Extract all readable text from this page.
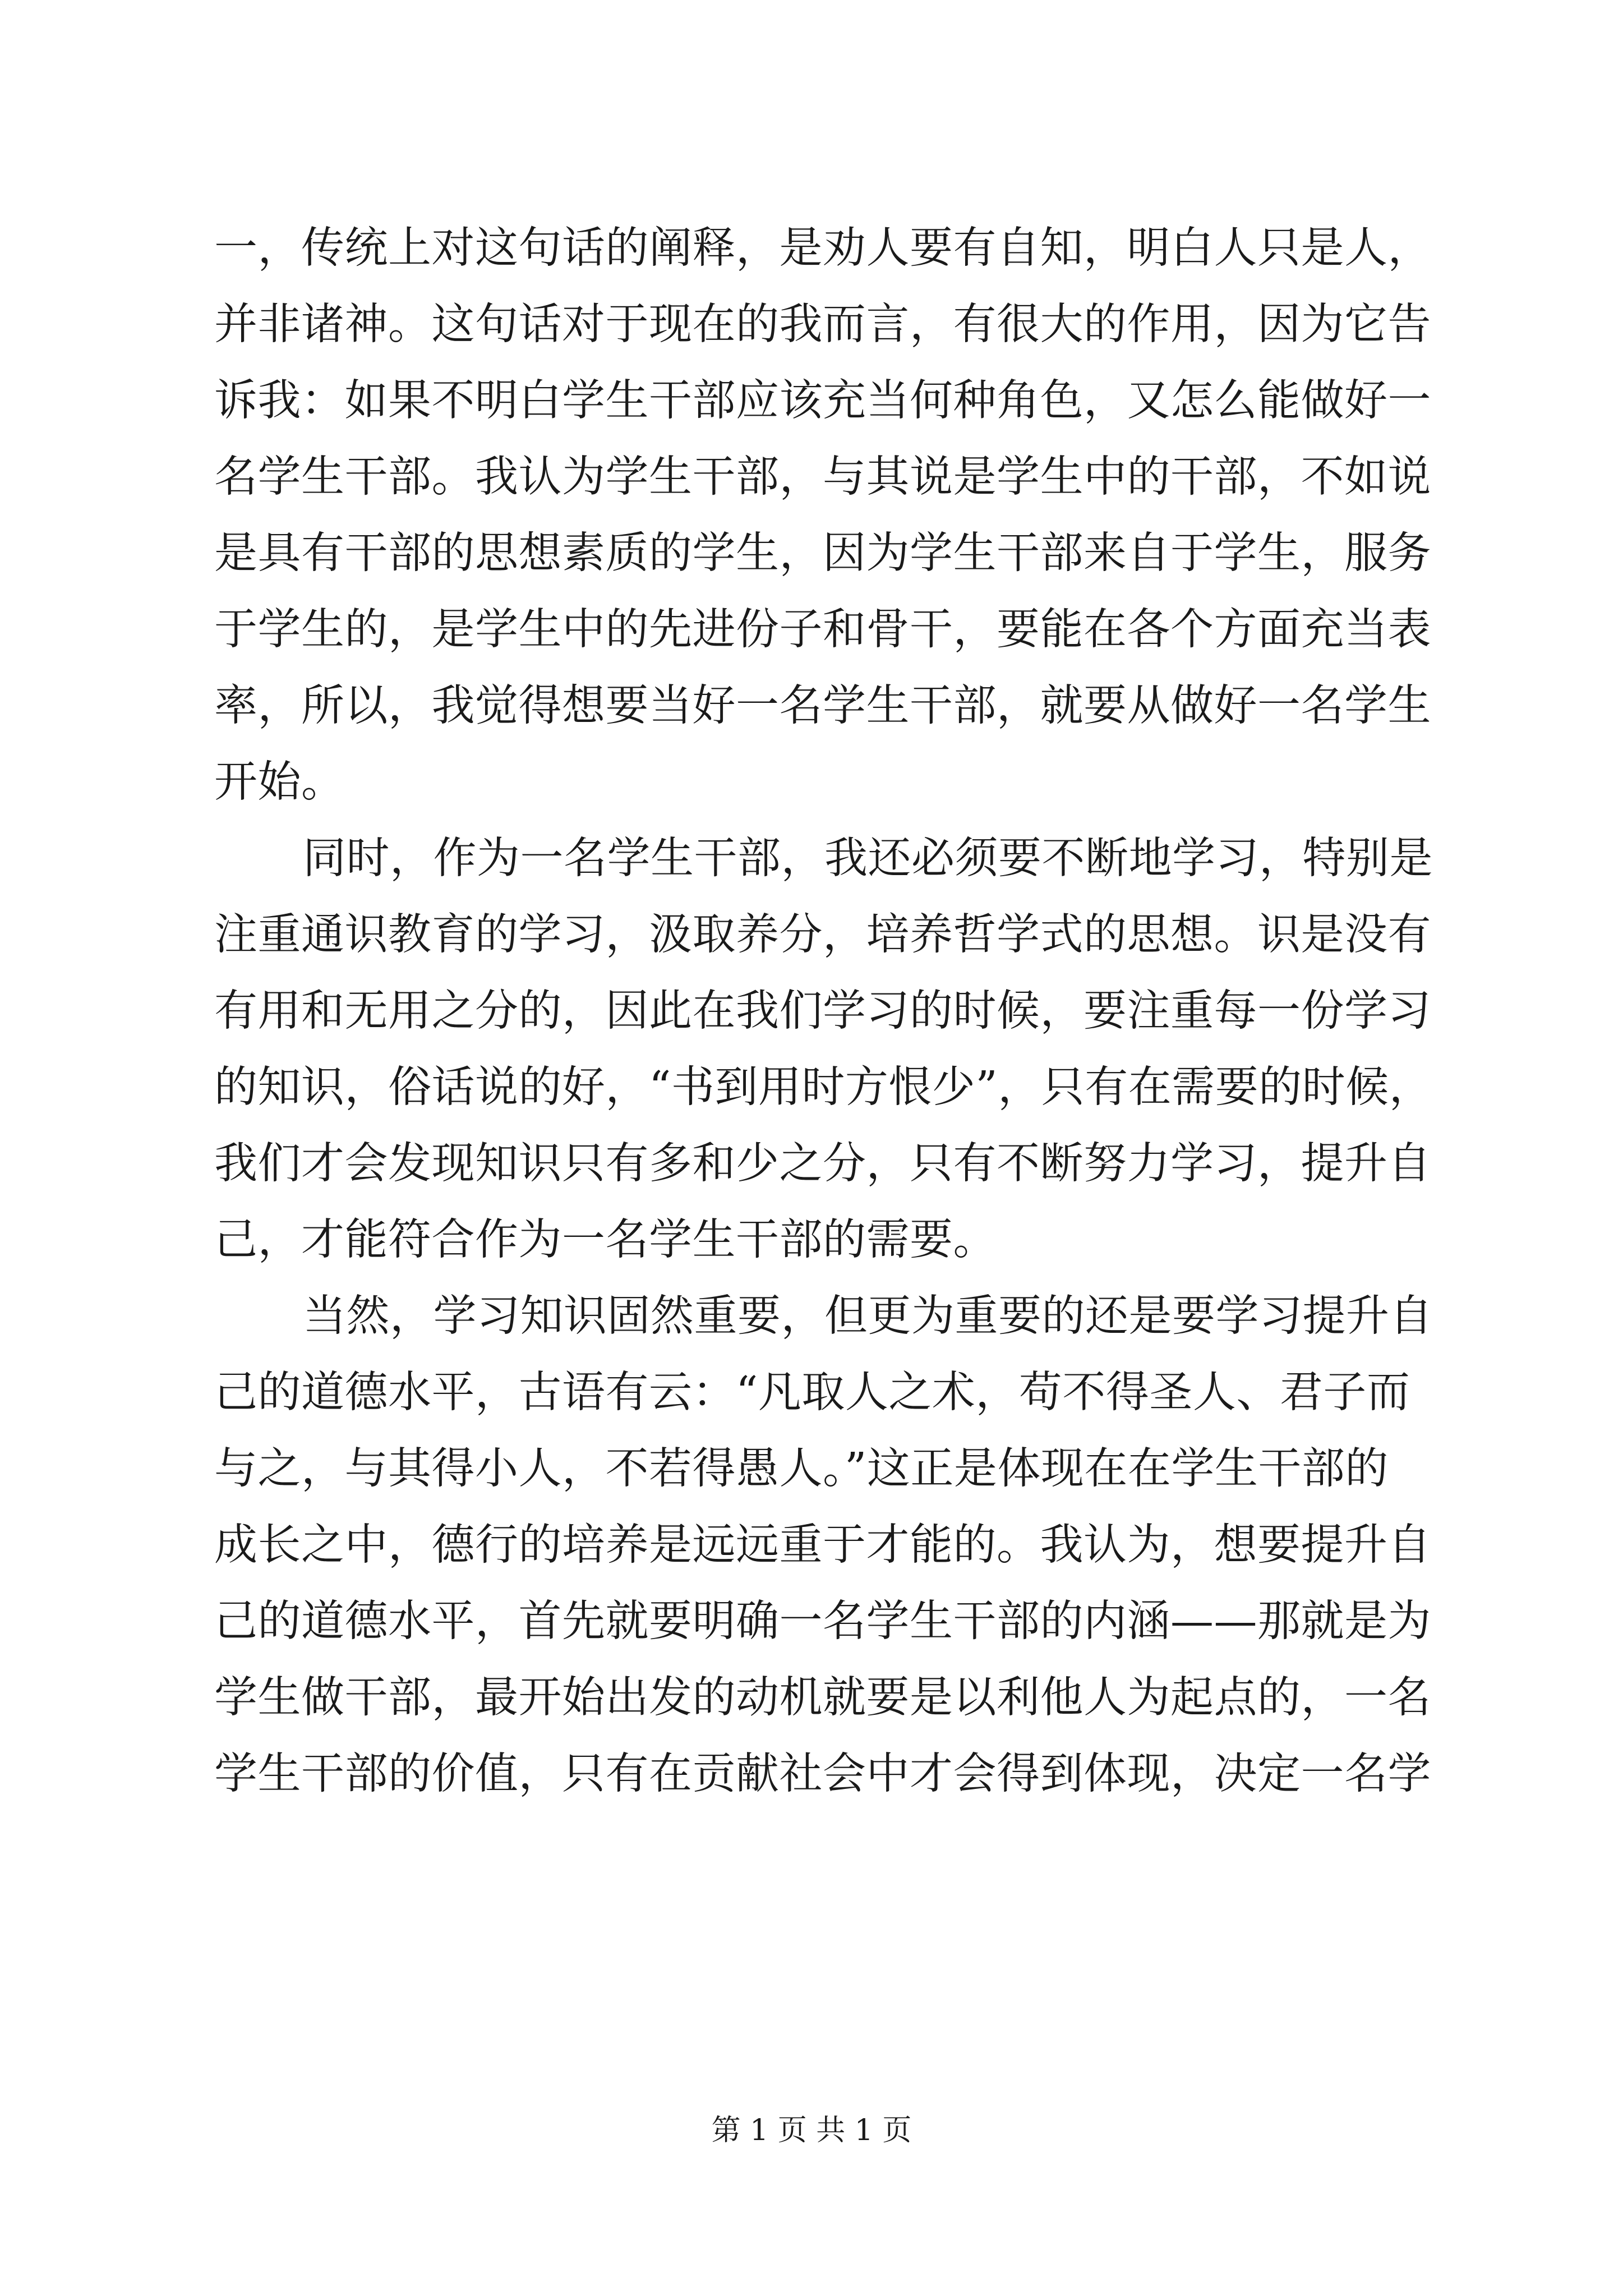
一，传统上对这句话的阐释，是劝人要有自知，明白人只是人，
并非诸神。这句话对于现在的我而言，有很大的作用，因为它告
诉我：如果不明白学生干部应该充当何种角色，又怎么能做好一
名学生干部。我认为学生干部，与其说是学生中的干部，不如说
是具有干部的思想素质的学生，因为学生干部来自于学生，服务
于学生的，是学生中的先进份子和骨干，要能在各个方面充当表
率，所以，我觉得想要当好一名学生干部，就要从做好一名学生
开始。
同时，作为一名学生干部，我还必须要不断地学习，特别是
注重通识教育的学习，汲取养分，培养哲学式的思想。识是没有
有用和无用之分的，因此在我们学习的时候，要注重每一份学习
的知识，俗话说的好，“书到用时方恨少”，只有在需要的时候，
我们才会发现知识只有多和少之分，只有不断努力学习，提升自
己，才能符合作为一名学生干部的需要。
当然，学习知识固然重要，但更为重要的还是要学习提升自
己的道德水平，古语有云：“凡取人之术，苟不得圣人、君子而
与之，与其得小人，不若得愚人。”这正是体现在在学生干部的
成长之中，德行的培养是远远重于才能的。我认为，想要提升自
己的道德水平，首先就要明确一名学生干部的内涵——那就是为
学生做干部，最开始出发的动机就要是以利他人为起点的，一名
学生干部的价值，只有在贡献社会中才会得到体现，决定一名学
第 1 页 共 1 页
